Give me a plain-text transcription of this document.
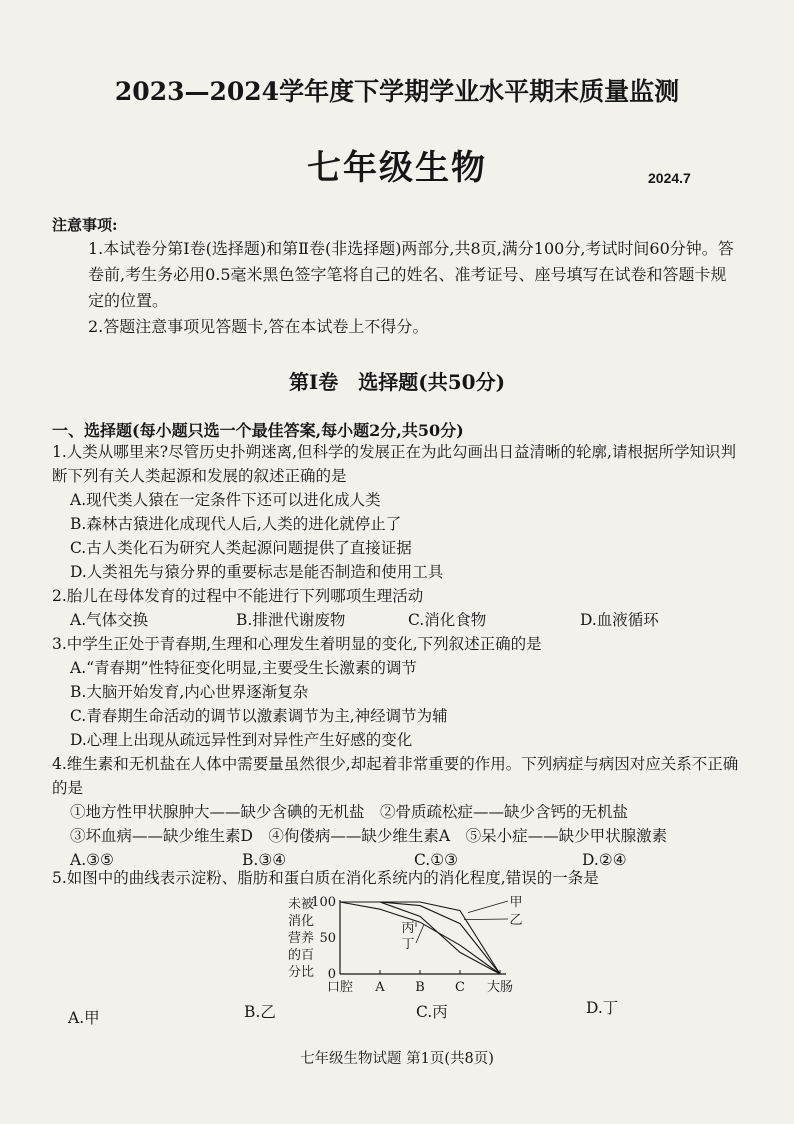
2023—2024学年度下学期学业水平期末质量监测
七年级生物	2024.7
注意事项:
1.本试卷分第Ⅰ卷(选择题)和第Ⅱ卷(非选择题)两部分,共8页,满分100分,考试时间60分钟。答卷前,考生务必用0.5毫米黑色签字笔将自己的姓名、准考证号、座号填写在试卷和答题卡规定的位置。
2.答题注意事项见答题卡,答在本试卷上不得分。
第Ⅰ卷　选择题(共50分)
一、选择题(每小题只选一个最佳答案,每小题2分,共50分)
1.人类从哪里来?尽管历史扑朔迷离,但科学的发展正在为此勾画出日益清晰的轮廓,请根据所学知识判断下列有关人类起源和发展的叙述正确的是
A.现代类人猿在一定条件下还可以进化成人类
B.森林古猿进化成现代人后,人类的进化就停止了
C.古人类化石为研究人类起源问题提供了直接证据
D.人类祖先与猿分界的重要标志是能否制造和使用工具
2.胎儿在母体发育的过程中不能进行下列哪项生理活动
A.气体交换	B.排泄代谢废物	C.消化食物	D.血液循环
3.中学生正处于青春期,生理和心理发生着明显的变化,下列叙述正确的是
A.“青春期”性特征变化明显,主要受生长激素的调节
B.大脑开始发育,内心世界逐渐复杂
C.青春期生命活动的调节以激素调节为主,神经调节为辅
D.心理上出现从疏远异性到对异性产生好感的变化
4.维生素和无机盐在人体中需要量虽然很少,却起着非常重要的作用。下列病症与病因对应关系不正确的是
①地方性甲状腺肿大——缺少含碘的无机盐　②骨质疏松症——缺少含钙的无机盐
③坏血病——缺少维生素D　④佝偻病——缺少维生素A　⑤呆小症——缺少甲状腺激素
A.③⑤	B.③④	C.①③	D.②④
5.如图中的曲线表示淀粉、脂肪和蛋白质在消化系统内的消化程度,错误的一条是
未被
消化
营养
的百
分比
100
50
0
口腔 A B C 大肠
甲
乙
丙
丁
A.甲	B.乙	C.丙	D.丁
七年级生物试题 第1页(共8页)
